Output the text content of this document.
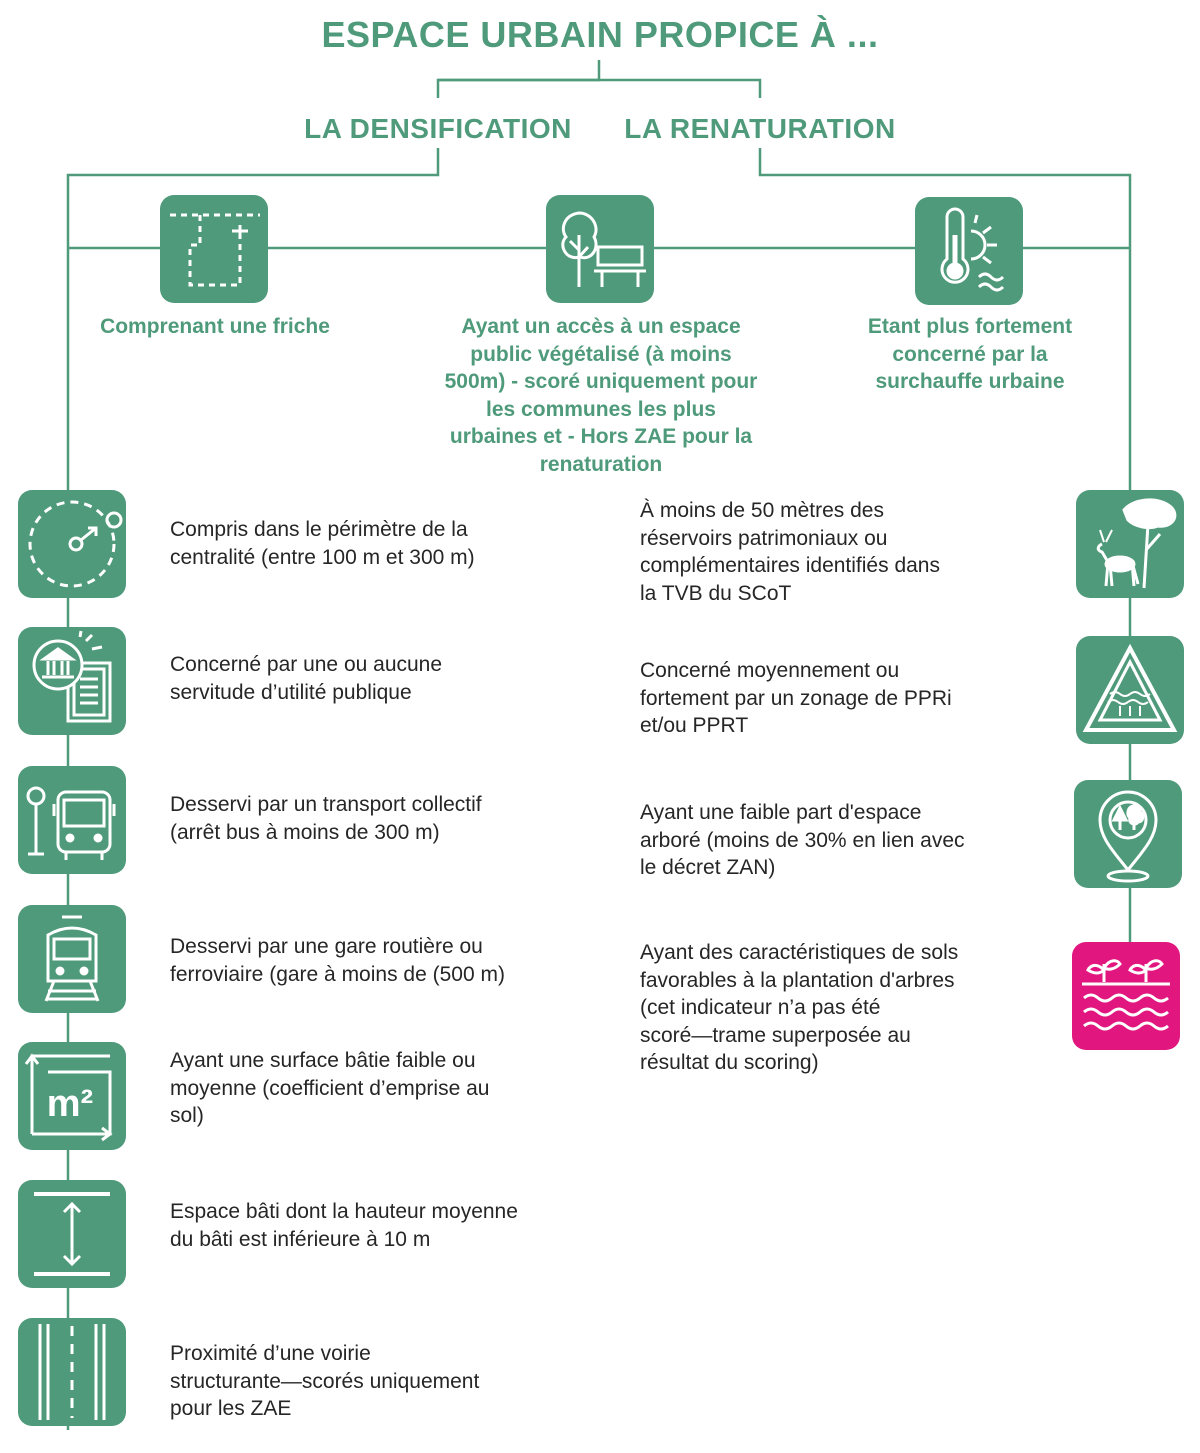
ESPACE URBAIN PROPICE À ...
LA DENSIFICATION	LA RENATURATION
Comprenant une friche	Ayant un accès à un espace
public végétalisé (à moins
500m) - scoré uniquement pour
les communes les plus
urbaines et - Hors ZAE pour la
renaturation
Etant plus fortement
concerné par la
surchauffe urbaine
m²
Compris dans le périmètre de la
centralité (entre 100 m et 300 m)
Concerné par une ou aucune
servitude d’utilité publique
Desservi par un transport collectif
(arrêt bus à moins de 300 m)
Desservi par une gare routière ou
ferroviaire (gare à moins de (500 m)
Ayant une surface bâtie faible ou
moyenne (coefficient d’emprise au
sol)
Espace bâti dont la hauteur moyenne
du bâti est inférieure à 10 m
Proximité d’une voirie
structurante—scorés uniquement
pour les ZAE
À moins de 50 mètres des
réservoirs patrimoniaux ou
complémentaires identifiés dans
la TVB du SCoT
Concerné moyennement ou
fortement par un zonage de PPRi
et/ou PPRT
Ayant une faible part d'espace
arboré (moins de 30% en lien avec
le décret ZAN)
Ayant des caractéristiques de sols
favorables à la plantation d'arbres
(cet indicateur n’a pas été
scoré—trame superposée au
résultat du scoring)
